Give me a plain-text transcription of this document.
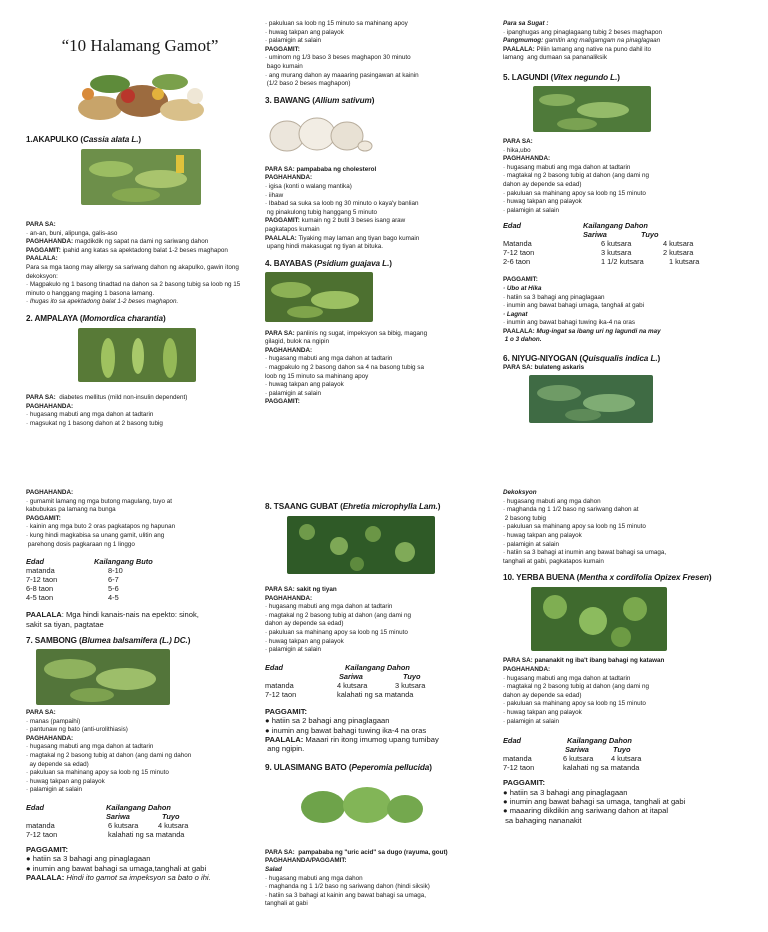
“10 Halamang Gamot”
1.AKAPULKO (Cassia alata L.)
PARA SA:
· an-an, buni, alipunga, galis-aso
PAGHAHANDA: magdikdik ng sapat na dami ng sariwang dahon
PAGGAMIT: ipahid ang katas sa apektadong balat 1-2 beses maghapon
PAALALA:
Para sa mga taong may allergy sa sariwang dahon ng akapulko, gawin itong dekoksyon:
· Magpakulo ng 1 basong tinadtad na dahon sa 2 basong tubig sa loob ng 15 minuto o hanggang maging 1 basona lamang.
· Ihugas ito sa apektadong balat 1-2 beses maghapon.
2. AMPALAYA (Momordica charantia)
PARA SA:  diabetes mellitus (mild non-insulin dependent)
PAGHAHANDA:
· hugasang mabuti ang mga dahon at tadtarin
· magsukat ng 1 basong dahon at 2 basong tubig
· pakuluan sa loob ng 15 minuto sa mahinang apoy
· huwag takpan ang palayok
· palamigin at salain
PAGGAMIT:
· uminom ng 1/3 baso 3 beses maghapon 30 minuto
bago kumain
· ang murang dahon ay maaaring pasingawan at kainin
(1/2 baso 2 beses maghapon)
3. BAWANG (Allium sativum)
PARA SA: pampababa ng cholesterol
PAGHAHANDA:
· igisa (konti o walang mantika)
· iihaw
· Ibabad sa suka sa loob ng 30 minuto o kaya'y banlian
ng pinakulong tubig hanggang 5 minuto
PAGGAMIT: kumain ng 2 butil 3 beses isang araw
pagkatapos kumain
PAALALA: Tiyaking may laman ang tiyan bago kumain
upang hindi makasugat ng tiyan at bituka.
4. BAYABAS (Psidium guajava L.)
PARA SA: panlinis ng sugat, impeksyon sa bibig, magang
gilagid, bulok na ngipin
PAGHAHANDA:
· hugasang mabuti ang mga dahon at tadtarin
· magpakulo ng 2 basong dahon sa 4 na basong tubig sa
loob ng 15 minuto sa mahinang apoy
· huwag takpan ang palayok
· palamigin at salain
PAGGAMIT:
Para sa Sugat :
· ipanghugas ang pinaglagaang tubig 2 beses maghapon
Pangmumog: gamitin ang maligamgam na pinaglagaan
PAALALA: Piliin lamang ang native na puno dahil ito
lamang  ang dumaan sa pananaliksik
5. LAGUNDI (Vitex negundo L.)
PARA SA:
· hika,ubo
PAGHAHANDA:
· hugasang mabuti ang mga dahon at tadtarin
· magtakal ng 2 basong tubig at dahon (ang dami ng
dahon ay depende sa edad)
· pakuluan sa mahinang apoy sa loob ng 15 minuto
· huwag takpan ang palayok
· palamigin at salain
Edad	Kailangang Dahon
Sariwa	Tuyo
Matanda	6 kutsara	4 kutsara
7-12 taon	3 kutsara	2 kutsara
2-6 taon	1 1/2 kutsara	1 kutsara
PAGGAMIT:
· Ubo at Hika
· hatiin sa 3 bahagi ang pinaglagaan
· inumin ang bawat bahagi umaga, tanghali at gabi
· Lagnat
· inumin ang bawat bahagi tuwing ika-4 na oras
PAALALA: Mug-ingat sa ibang uri ng lagundi na may
1 o 3 dahon.
6. NIYUG-NIYOGAN (Quisqualis indica L.)
PARA SA: bulateng askaris
PAGHAHANDA:
· gumamit lamang ng mga butong magulang, tuyo at
kabubukas pa lamang na bunga
PAGGAMIT:
· kainin ang mga buto 2 oras pagkatapos ng hapunan
· kung hindi magkabisa sa unang gamit, ulitin ang
parehong dosis pagkaraan ng 1 linggo
Edad	Kailangang Buto
matanda	8-10
7-12 taon	6-7
6-8 taon	5-6
4-5 taon	4-5
PAALALA: Mga hindi kanais-nais na epekto: sinok,
sakit sa tiyan, pagtatae
7. SAMBONG (Blumea balsamifera (L.) DC.)
PARA SA:
· manas (pampaihi)
· pantunaw ng bato (anti-urolithiasis)
PAGHAHANDA:
· hugasang mabuti ang mga dahon at tadtarin
· magtakal ng 2 basong tubig at dahon (ang dami ng dahon
ay depende sa edad)
· pakuluan sa mahinang apoy sa loob ng 15 minuto
· huwag takpan ang palayok
· palamigin at salain
Edad	Kailangang Dahon
Sariwa	Tuyo
matanda	6 kutsara	4 kutsara
7-12 taon	kalahati ng sa matanda
PAGGAMIT:
● hatiin sa 3 bahagi ang pinaglagaan
● inumin ang bawat bahagi sa umaga,tanghali at gabi
PAALALA: Hindi ito gamot sa impeksyon sa bato o ihi.
8. TSAANG GUBAT (Ehretia microphylla Lam.)
PARA SA: sakit ng tiyan
PAGHAHANDA:
· hugasang mabuti ang mga dahon at tadtarin
· magtakal ng 2 basong tubig at dahon (ang dami ng
dahon ay depende sa edad)
· pakuluan sa mahinang apoy sa loob ng 15 minuto
· huwag takpan ang palayok
· palamigin at salain
Edad	Kailangang Dahon
Sariwa	Tuyo
matanda	4 kutsara	3 kutsara
7-12 taon	kalahati ng sa matanda
PAGGAMIT:
● hatiin sa 2 bahagi ang pinaglagaan
● inumin ang bawat bahagi tuwing ika-4 na oras
PAALALA: Maaari rin itong imumog upang tumibay
ang ngipin.
9. ULASIMANG BATO (Peperomia pellucida)
PARA SA:  pampababa ng "uric acid" sa dugo (rayuma, gout)
PAGHAHANDA/PAGGAMIT:
Salad
· hugasang mabuti ang mga dahon
· maghanda ng 1 1/2 baso ng sariwang dahon (hindi siksik)
· hatiin sa 3 bahagi at kainin ang bawat bahagi sa umaga,
tanghali at gabi
Dekoksyon
· hugasang mabuti ang mga dahon
· maghanda ng 1 1/2 baso ng sariwang dahon at
2 basong tubig
· pakuluan sa mahinang apoy sa loob ng 15 minuto
· huwag takpan ang palayok
· palamigin at salain
· hatiin sa 3 bahagi at inumin ang bawat bahagi sa umaga,
tanghali at gabi, pagkatapos kumain
10. YERBA BUENA (Mentha x cordifolia Opizex Fresen)
PARA SA: pananakit ng iba't ibang bahagi ng katawan
PAGHAHANDA:
· hugasang mabuti ang mga dahon at tadtarin
· magtakal ng 2 basong tubig at dahon (ang dami ng
dahon ay depende sa edad)
· pakuluan sa mahinang apoy sa loob ng 15 minuto
· huwag takpan ang palayok
· palamigin at salain
Edad	Kailangang Dahon
Sariwa	Tuyo
matanda	6 kutsara	4 kutsara
7-12 taon	kalahati ng sa matanda
PAGGAMIT:
● hatiin sa 3 bahagi ang pinaglagaan
● inumin ang bawat bahagi sa umaga, tanghali at gabi
● maaaring dikdikin ang sariwang dahon at itapal
sa bahaging nananakit
